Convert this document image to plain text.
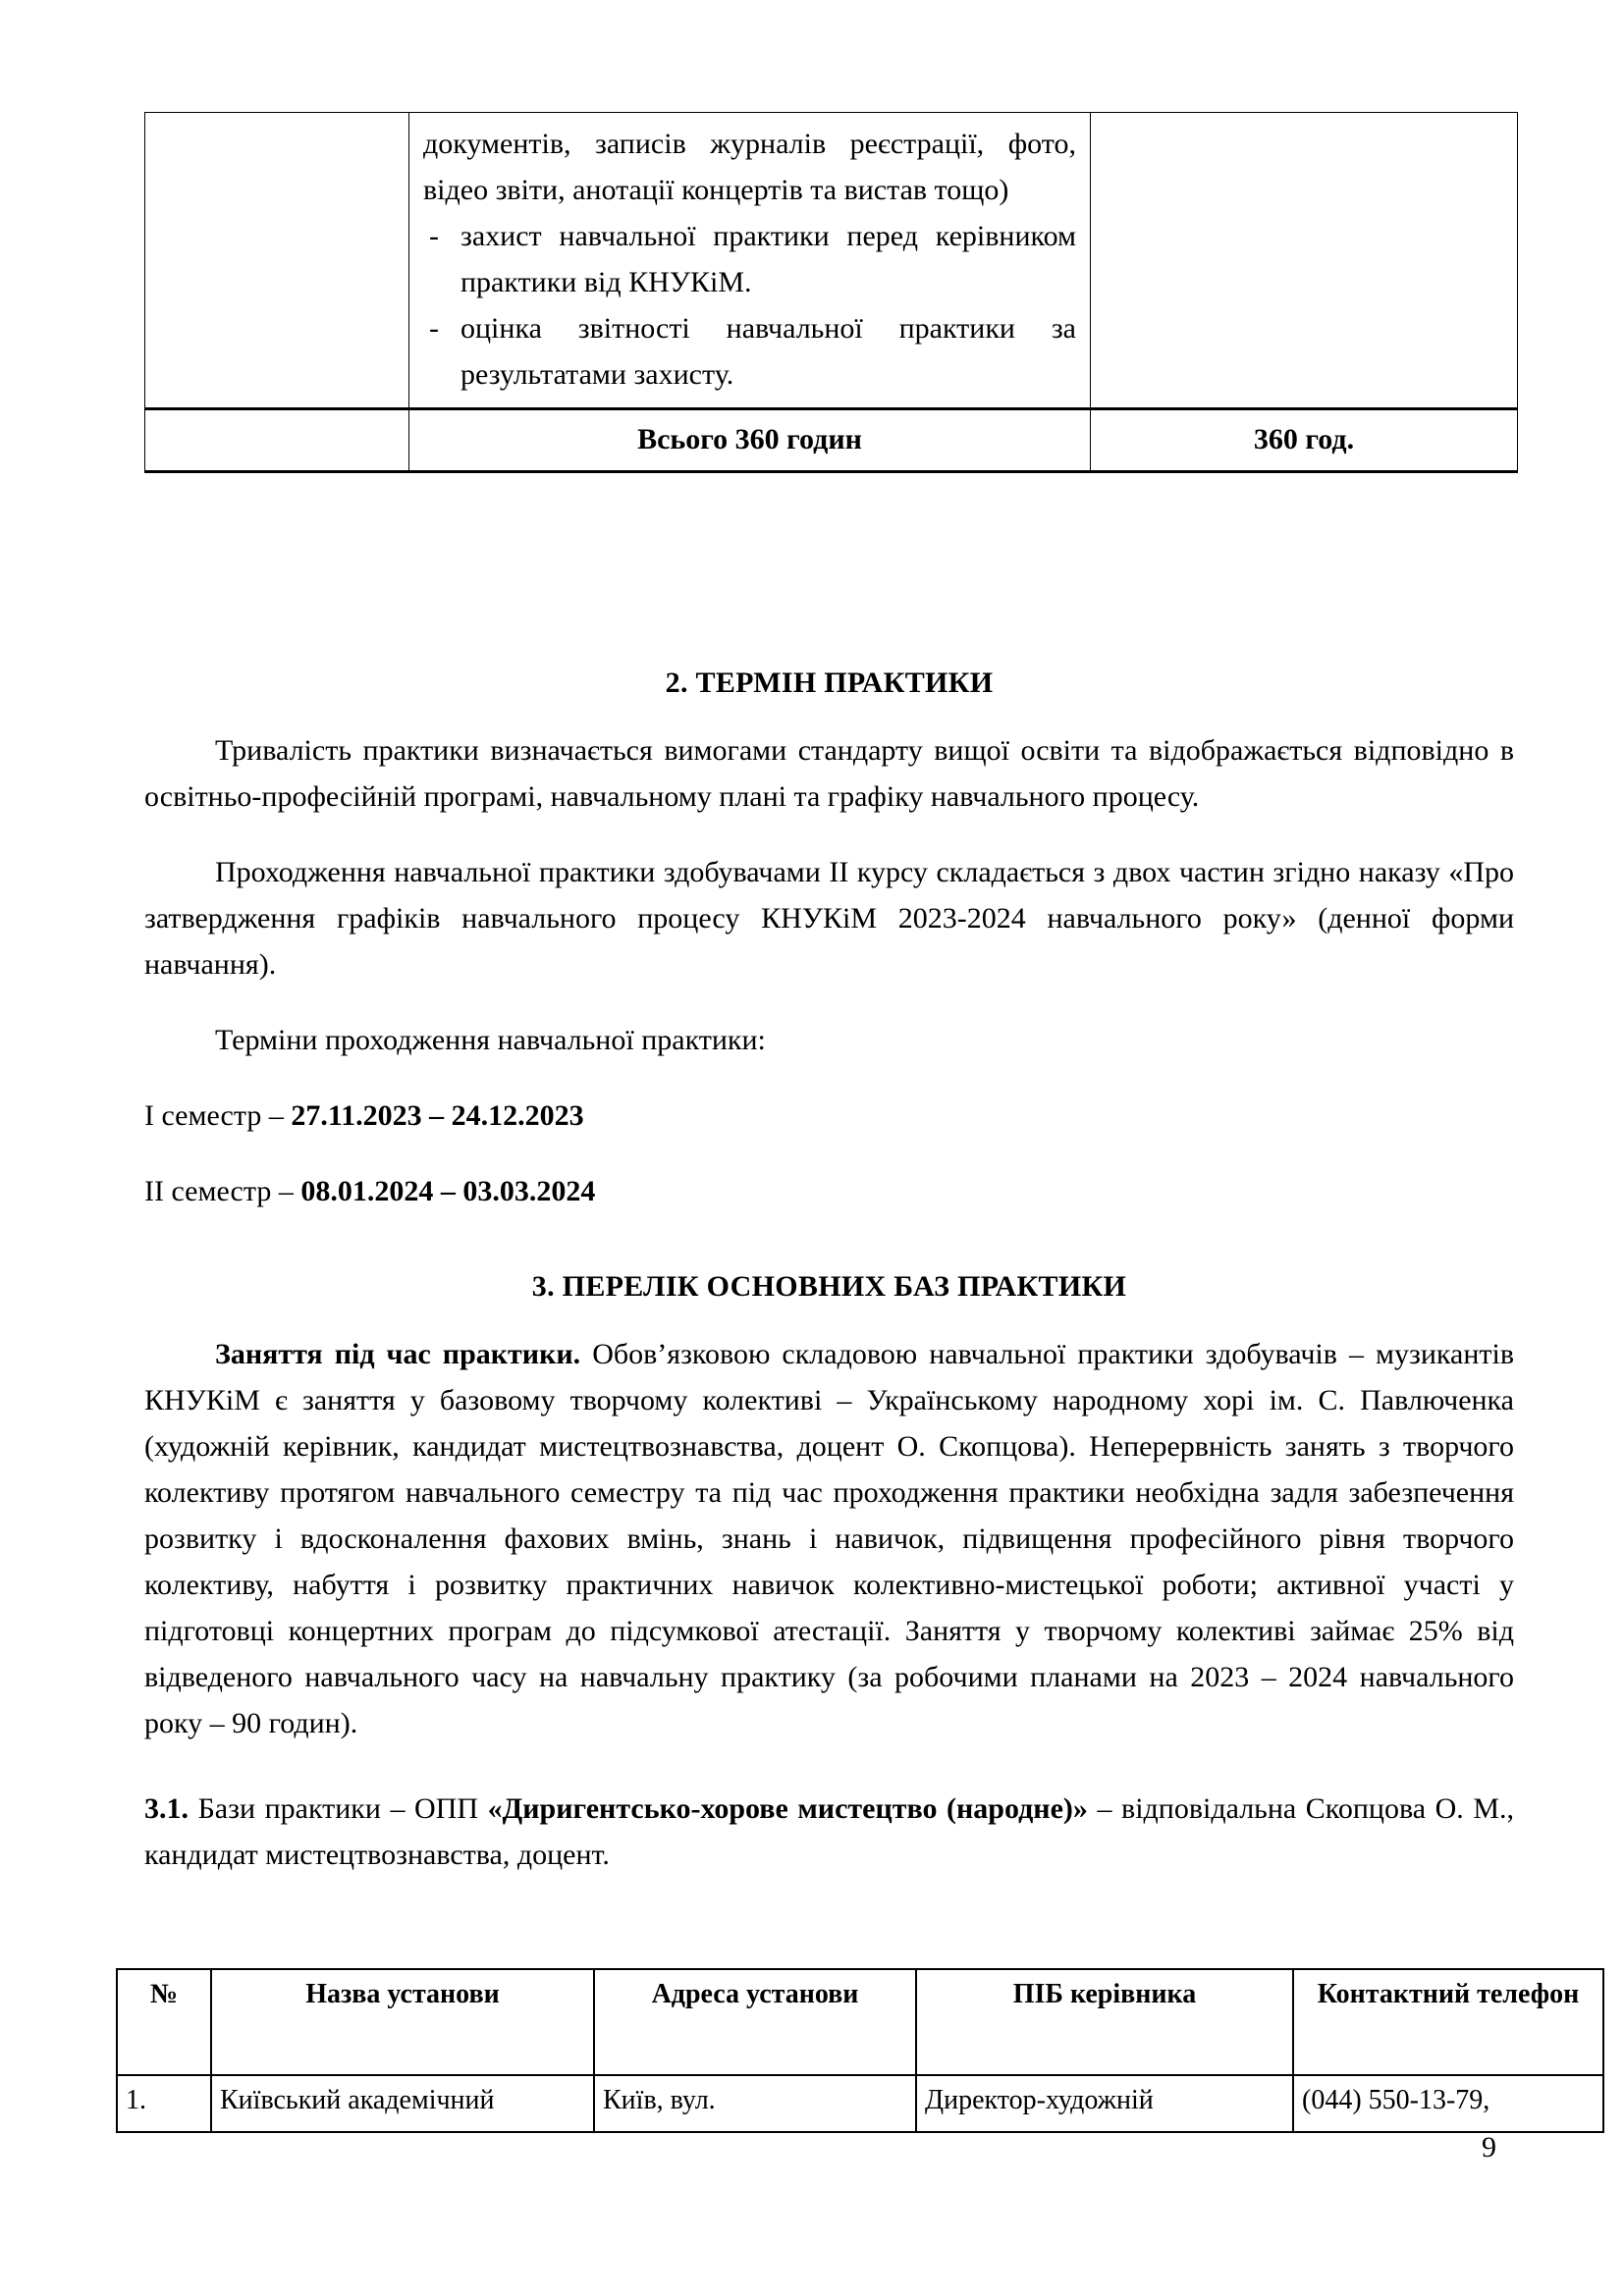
документів, записів журналів реєстрації, фото, відео звіти, анотації концертів та вистав тощо)
- захист навчальної практики перед керівником практики від КНУКіМ.
- оцінка звітності навчальної практики за результатами захисту.

	Всього 360 годин	360 год.
2. ТЕРМІН ПРАКТИКИ

Тривалість практики визначається вимогами стандарту вищої освіти та відображається відповідно в освітньо-професійній програмі, навчальному плані та графіку навчального процесу.

Проходження навчальної практики здобувачами ІІ курсу складається з двох частин згідно наказу «Про затвердження графіків навчального процесу КНУКіМ 2023-2024 навчального року» (денної форми навчання).

Терміни проходження навчальної практики:

І семестр – 27.11.2023 – 24.12.2023

ІІ семестр – 08.01.2024 – 03.03.2024

3. ПЕРЕЛІК ОСНОВНИХ БАЗ ПРАКТИКИ

Заняття під час практики. Обов’язковою складовою навчальної практики здобувачів – музикантів КНУКіМ є заняття у базовому творчому колективі – Українському народному хорі ім. С. Павлюченка (художній керівник, кандидат мистецтвознавства, доцент О. Скопцова). Неперервність занять з творчого колективу протягом навчального семестру та під час проходження практики необхідна задля забезпечення розвитку і вдосконалення фахових вмінь, знань і навичок, підвищення професійного рівня творчого колективу, набуття і розвитку практичних навичок колективно-мистецької роботи; активної участі у підготовці концертних програм до підсумкової атестації. Заняття у творчому колективі займає 25% від відведеного навчального часу на навчальну практику (за робочими планами на 2023 – 2024 навчального року – 90 годин).

3.1. Бази практики – ОПП «Диригентсько-хорове мистецтво (народне)» – відповідальна Скопцова О. М., кандидат мистецтвознавства, доцент.

№	Назва установи	Адреса установи	ПІБ керівника	Контактний телефон
1.	Київський академічний	Київ, вул.	Директор-художній	(044) 550-13-79,
9
